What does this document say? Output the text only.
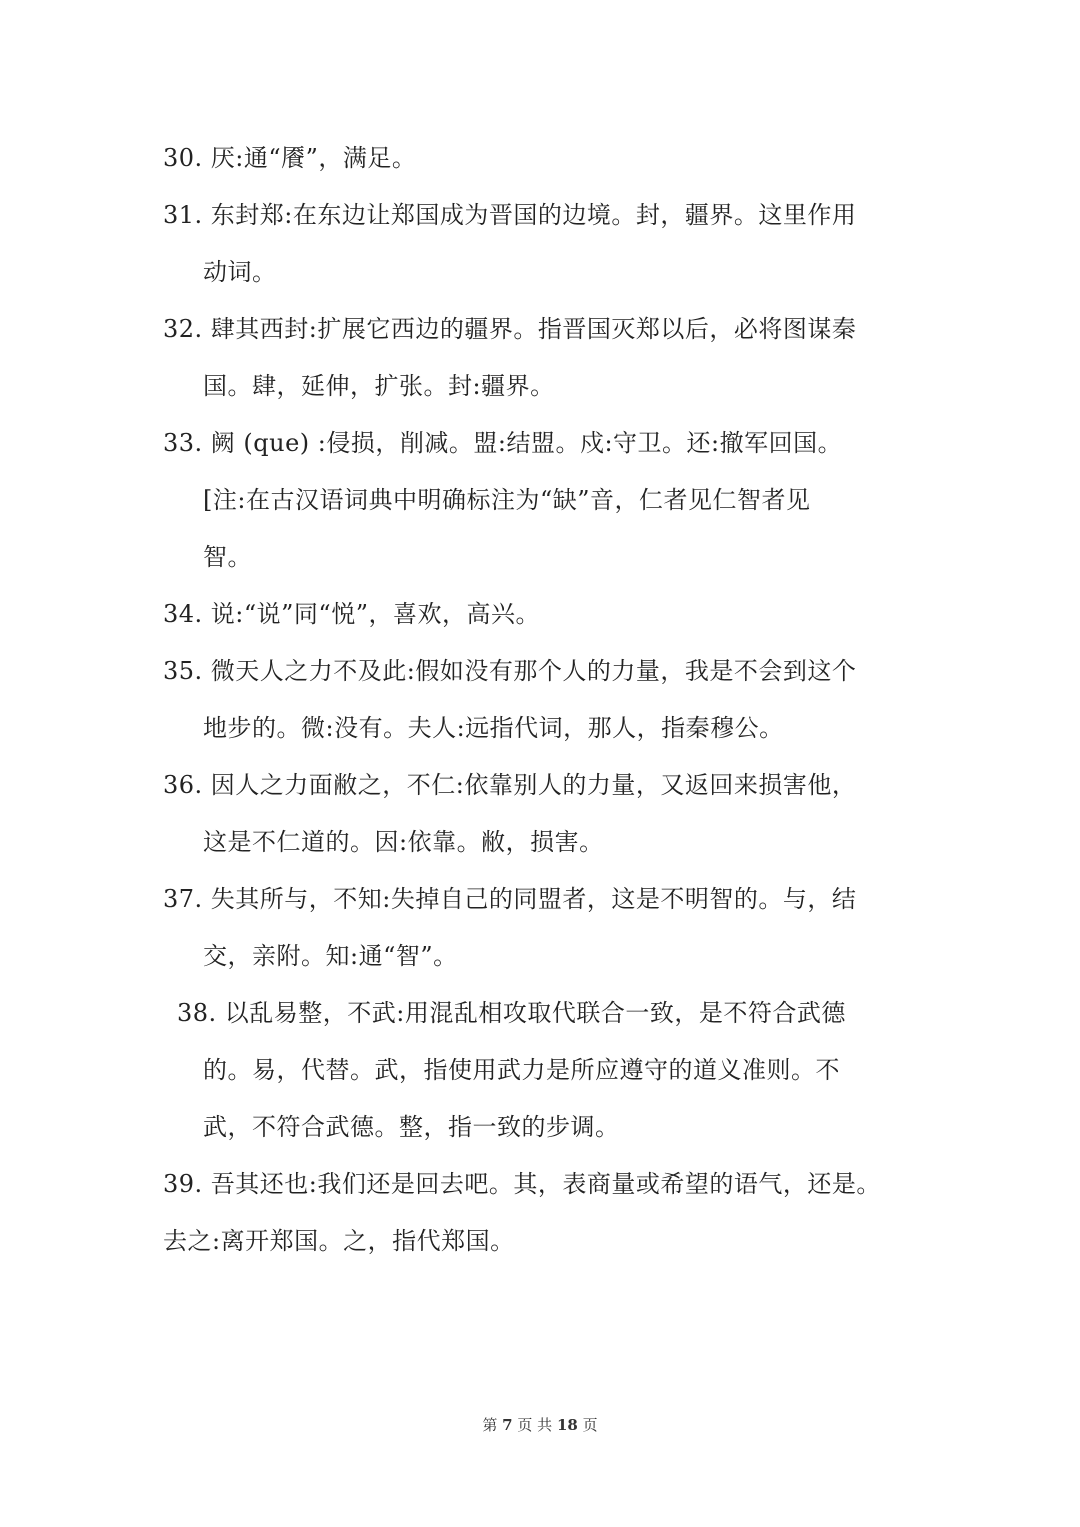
30. 厌:通“餍”，满足。
31. 东封郑:在东边让郑国成为晋国的边境。封，疆界。这里作用
动词。
32. 肆其西封:扩展它西边的疆界。指晋国灭郑以后，必将图谋秦
国。肆，延伸，扩张。封:疆界。
33. 阙 (que) :侵损，削减。盟:结盟。戍:守卫。还:撤军回国。
[注:在古汉语词典中明确标注为“缺”音，仁者见仁智者见
智。
34. 说:“说”同“悦”，喜欢，高兴。
35. 微天人之力不及此:假如没有那个人的力量，我是不会到这个
地步的。微:没有。夫人:远指代词，那人，指秦穆公。
36. 因人之力面敝之，不仁:依靠别人的力量，又返回来损害他，
这是不仁道的。因:依靠。敝，损害。
37. 失其所与，不知:失掉自己的同盟者，这是不明智的。与，结
交，亲附。知:通“智”。
38. 以乱易整，不武:用混乱相攻取代联合一致，是不符合武德
的。易，代替。武，指使用武力是所应遵守的道义准则。不
武，不符合武德。整，指一致的步调。
39. 吾其还也:我们还是回去吧。其，表商量或希望的语气，还是。
去之:离开郑国。之，指代郑国。
第 7 页 共 18 页
